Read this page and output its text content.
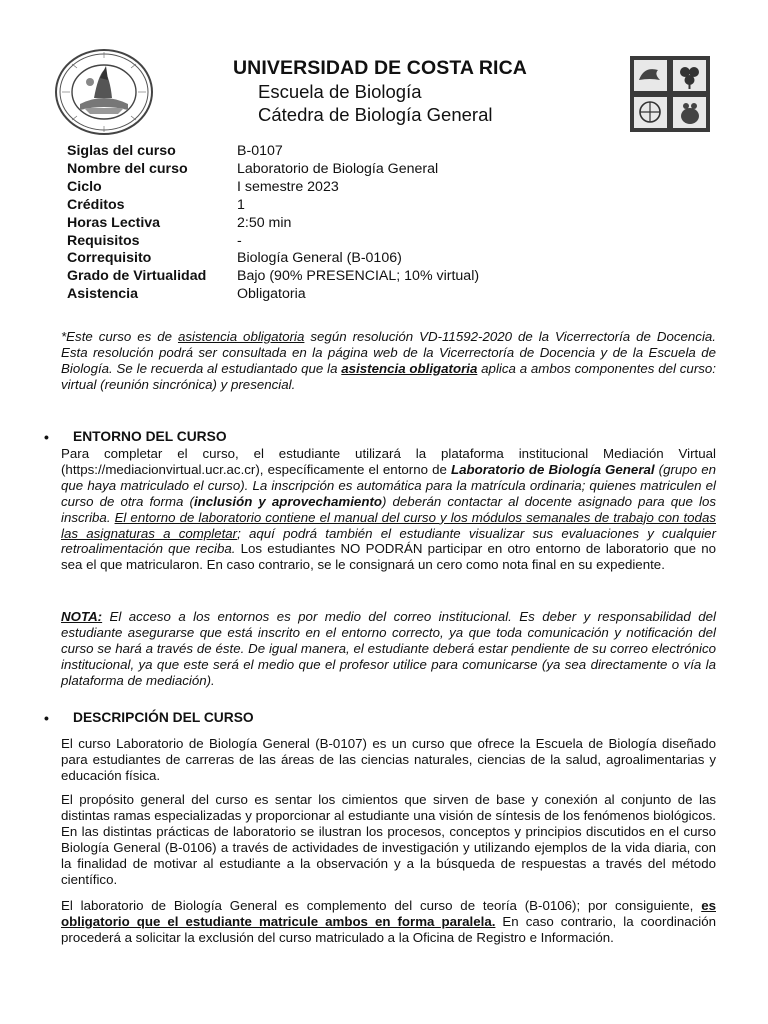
UNIVERSIDAD DE COSTA RICA
Escuela de Biología
Cátedra de Biología General
Siglas del curso	B-0107
Nombre del curso	Laboratorio de Biología General
Ciclo	I semestre 2023
Créditos	1
Horas Lectiva	2:50 min
Requisitos	-
Correquisito	Biología General (B-0106)
Grado de Virtualidad	Bajo (90% PRESENCIAL; 10% virtual)
Asistencia	Obligatoria

*Este curso es de asistencia obligatoria según resolución VD-11592-2020 de la Vicerrectoría de Docencia. Esta resolución podrá ser consultada en la página web de la Vicerrectoría de Docencia y de la Escuela de Biología. Se le recuerda al estudiantado que la asistencia obligatoria aplica a ambos componentes del curso: virtual (reunión sincrónica) y presencial.

• ENTORNO DEL CURSO

Para completar el curso, el estudiante utilizará la plataforma institucional Mediación Virtual (https://mediacionvirtual.ucr.ac.cr), específicamente el entorno de Laboratorio de Biología General (grupo en que haya matriculado el curso). La inscripción es automática para la matrícula ordinaria; quienes matriculen el curso de otra forma (inclusión y aprovechamiento) deberán contactar al docente asignado para que los inscriba. El entorno de laboratorio contiene el manual del curso y los módulos semanales de trabajo con todas las asignaturas a completar; aquí podrá también el estudiante visualizar sus evaluaciones y cualquier retroalimentación que reciba. Los estudiantes NO PODRÁN participar en otro entorno de laboratorio que no sea el que matricularon. En caso contrario, se le consignará un cero como nota final en su expediente.

NOTA: El acceso a los entornos es por medio del correo institucional. Es deber y responsabilidad del estudiante asegurarse que está inscrito en el entorno correcto, ya que toda comunicación y notificación del curso se hará a través de éste. De igual manera, el estudiante deberá estar pendiente de su correo electrónico institucional, ya que este será el medio que el profesor utilice para comunicarse (ya sea directamente o vía la plataforma de mediación).

• DESCRIPCIÓN DEL CURSO

El curso Laboratorio de Biología General (B-0107) es un curso que ofrece la Escuela de Biología diseñado para estudiantes de carreras de las áreas de las ciencias naturales, ciencias de la salud, agroalimentarias y educación física.

El propósito general del curso es sentar los cimientos que sirven de base y conexión al conjunto de las distintas ramas especializadas y proporcionar al estudiante una visión de síntesis de los fenómenos biológicos. En las distintas prácticas de laboratorio se ilustran los procesos, conceptos y principios discutidos en el curso Biología General (B-0106) a través de actividades de investigación y utilizando ejemplos de la vida diaria, con la finalidad de motivar al estudiante a la observación y a la búsqueda de respuestas a través del método científico.

El laboratorio de Biología General es complemento del curso de teoría (B-0106); por consiguiente, es obligatorio que el estudiante matricule ambos en forma paralela. En caso contrario, la coordinación procederá a solicitar la exclusión del curso matriculado a la Oficina de Registro e Información.
